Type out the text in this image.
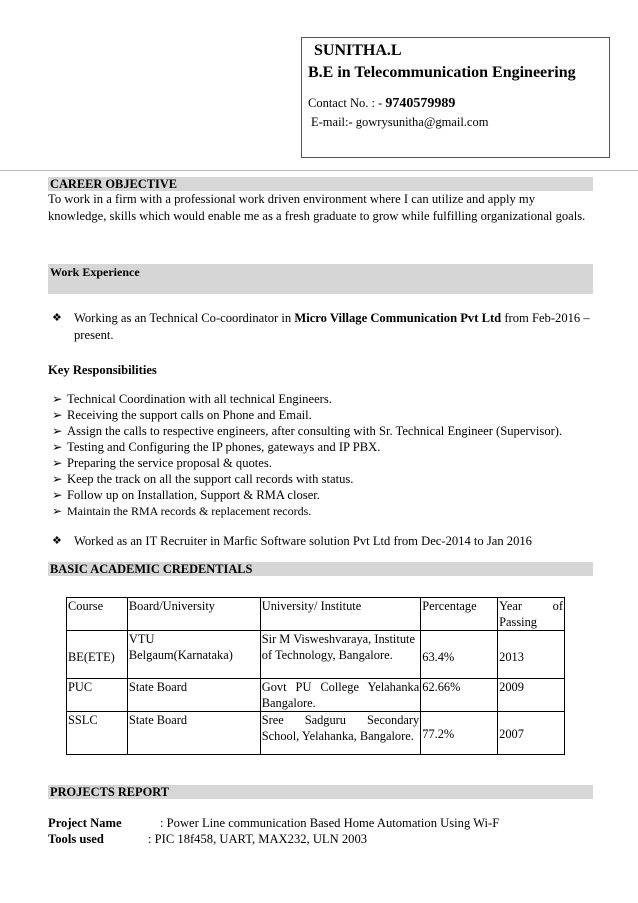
SUNITHA.L
B.E in Telecommunication Engineering
Contact No. : - 9740579989
E-mail:- gowrysunitha@gmail.com
CAREER OBJECTIVE
To work in a firm with a professional work driven environment where I can utilize and apply my knowledge, skills which would enable me as a fresh graduate to grow while fulfilling organizational goals.
Work Experience
❖ Working as an Technical Co-coordinator in Micro Village Communication Pvt Ltd from Feb-2016 – present.
Key Responsibilities
➢ Technical Coordination with all technical Engineers.
➢ Receiving the support calls on Phone and Email.
➢ Assign the calls to respective engineers, after consulting with Sr. Technical Engineer (Supervisor).
➢ Testing and Configuring the IP phones, gateways and IP PBX.
➢ Preparing the service proposal & quotes.
➢ Keep the track on all the support call records with status.
➢ Follow up on Installation, Support & RMA closer.
➢ Maintain the RMA records & replacement records.
❖ Worked as an IT Recruiter in Marfic Software solution Pvt Ltd from Dec-2014 to Jan 2016
BASIC ACADEMIC CREDENTIALS
Course	Board/University	University/ Institute	Percentage	Year of Passing
BE(ETE)	VTU Belgaum(Karnataka)	Sir M Visweshvaraya, Institute of Technology, Bangalore.	63.4%	2013
PUC	State Board	Govt PU College Yelahanka Bangalore.	62.66%	2009
SSLC	State Board	Sree Sadguru Secondary School, Yelahanka, Bangalore.	77.2%	2007
PROJECTS REPORT
Project Name	: Power Line communication Based Home Automation Using Wi-F
Tools used	: PIC 18f458, UART, MAX232, ULN 2003
